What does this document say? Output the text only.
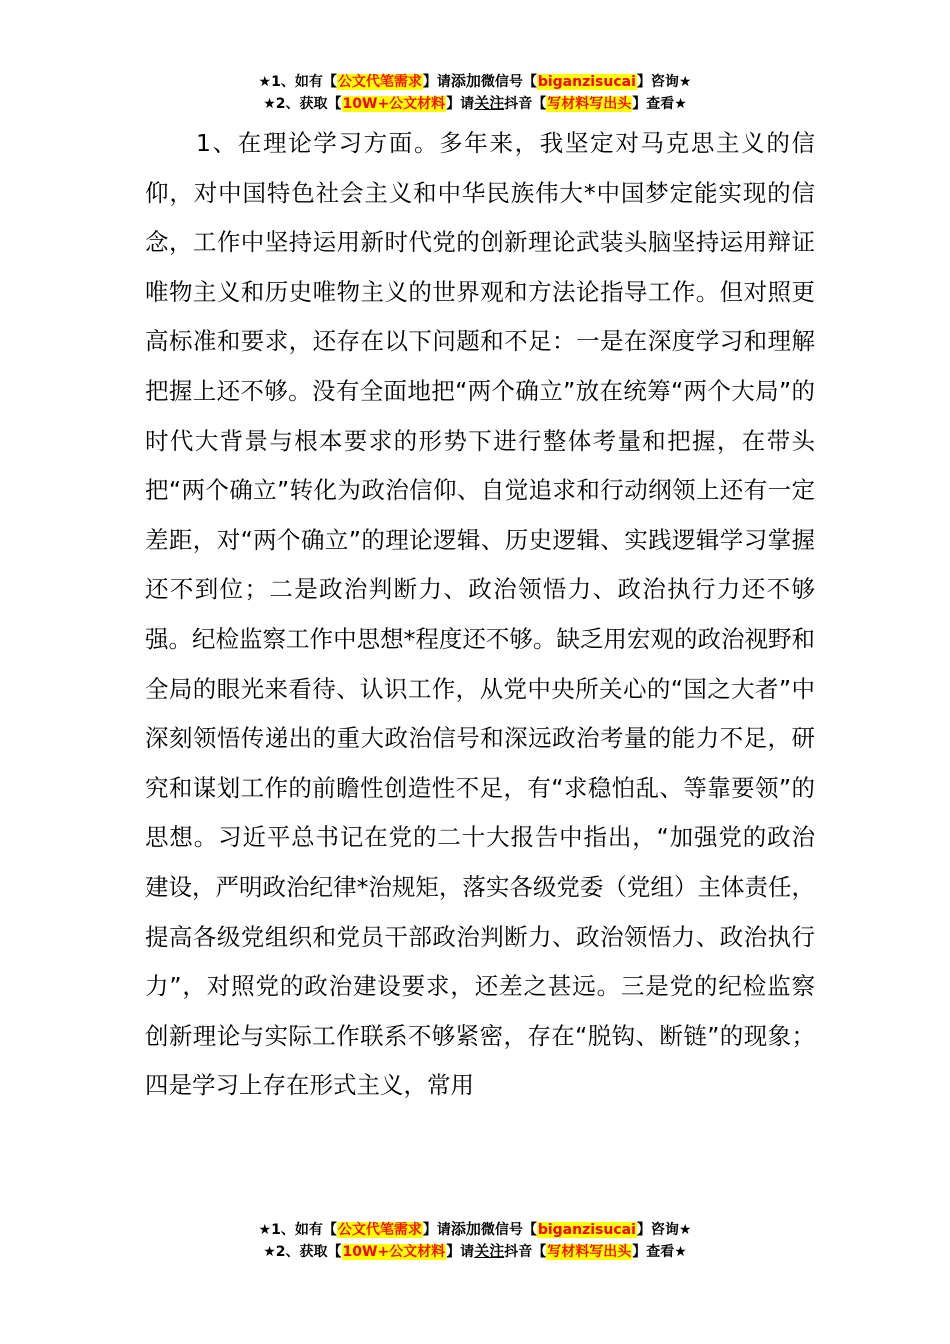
★1、如有【公文代笔需求】请添加微信号【biganzisucai】咨询★
★2、获取【10W+公文材料】请关注抖音【写材料写出头】查看★

1、在理论学习方面。多年来，我坚定对马克思主义的信仰，对中国特色社会主义和中华民族伟大*中国梦定能实现的信念，工作中坚持运用新时代党的创新理论武装头脑坚持运用辩证唯物主义和历史唯物主义的世界观和方法论指导工作。但对照更高标准和要求，还存在以下问题和不足：一是在深度学习和理解把握上还不够。没有全面地把“两个确立”放在统筹“两个大局”的时代大背景与根本要求的形势下进行整体考量和把握，在带头把“两个确立”转化为政治信仰、自觉追求和行动纲领上还有一定差距，对“两个确立”的理论逻辑、历史逻辑、实践逻辑学习掌握还不到位；二是政治判断力、政治领悟力、政治执行力还不够强。纪检监察工作中思想*程度还不够。缺乏用宏观的政治视野和全局的眼光来看待、认识工作，从党中央所关心的“国之大者”中深刻领悟传递出的重大政治信号和深远政治考量的能力不足，研究和谋划工作的前瞻性创造性不足，有“求稳怕乱、等靠要领”的思想。习近平总书记在党的二十大报告中指出，“加强党的政治建设，严明政治纪律*治规矩，落实各级党委（党组）主体责任，提高各级党组织和党员干部政治判断力、政治领悟力、政治执行力”，对照党的政治建设要求，还差之甚远。三是党的纪检监察创新理论与实际工作联系不够紧密，存在“脱钩、断链”的现象；四是学习上存在形式主义，常用

★1、如有【公文代笔需求】请添加微信号【biganzisucai】咨询★
★2、获取【10W+公文材料】请关注抖音【写材料写出头】查看★
